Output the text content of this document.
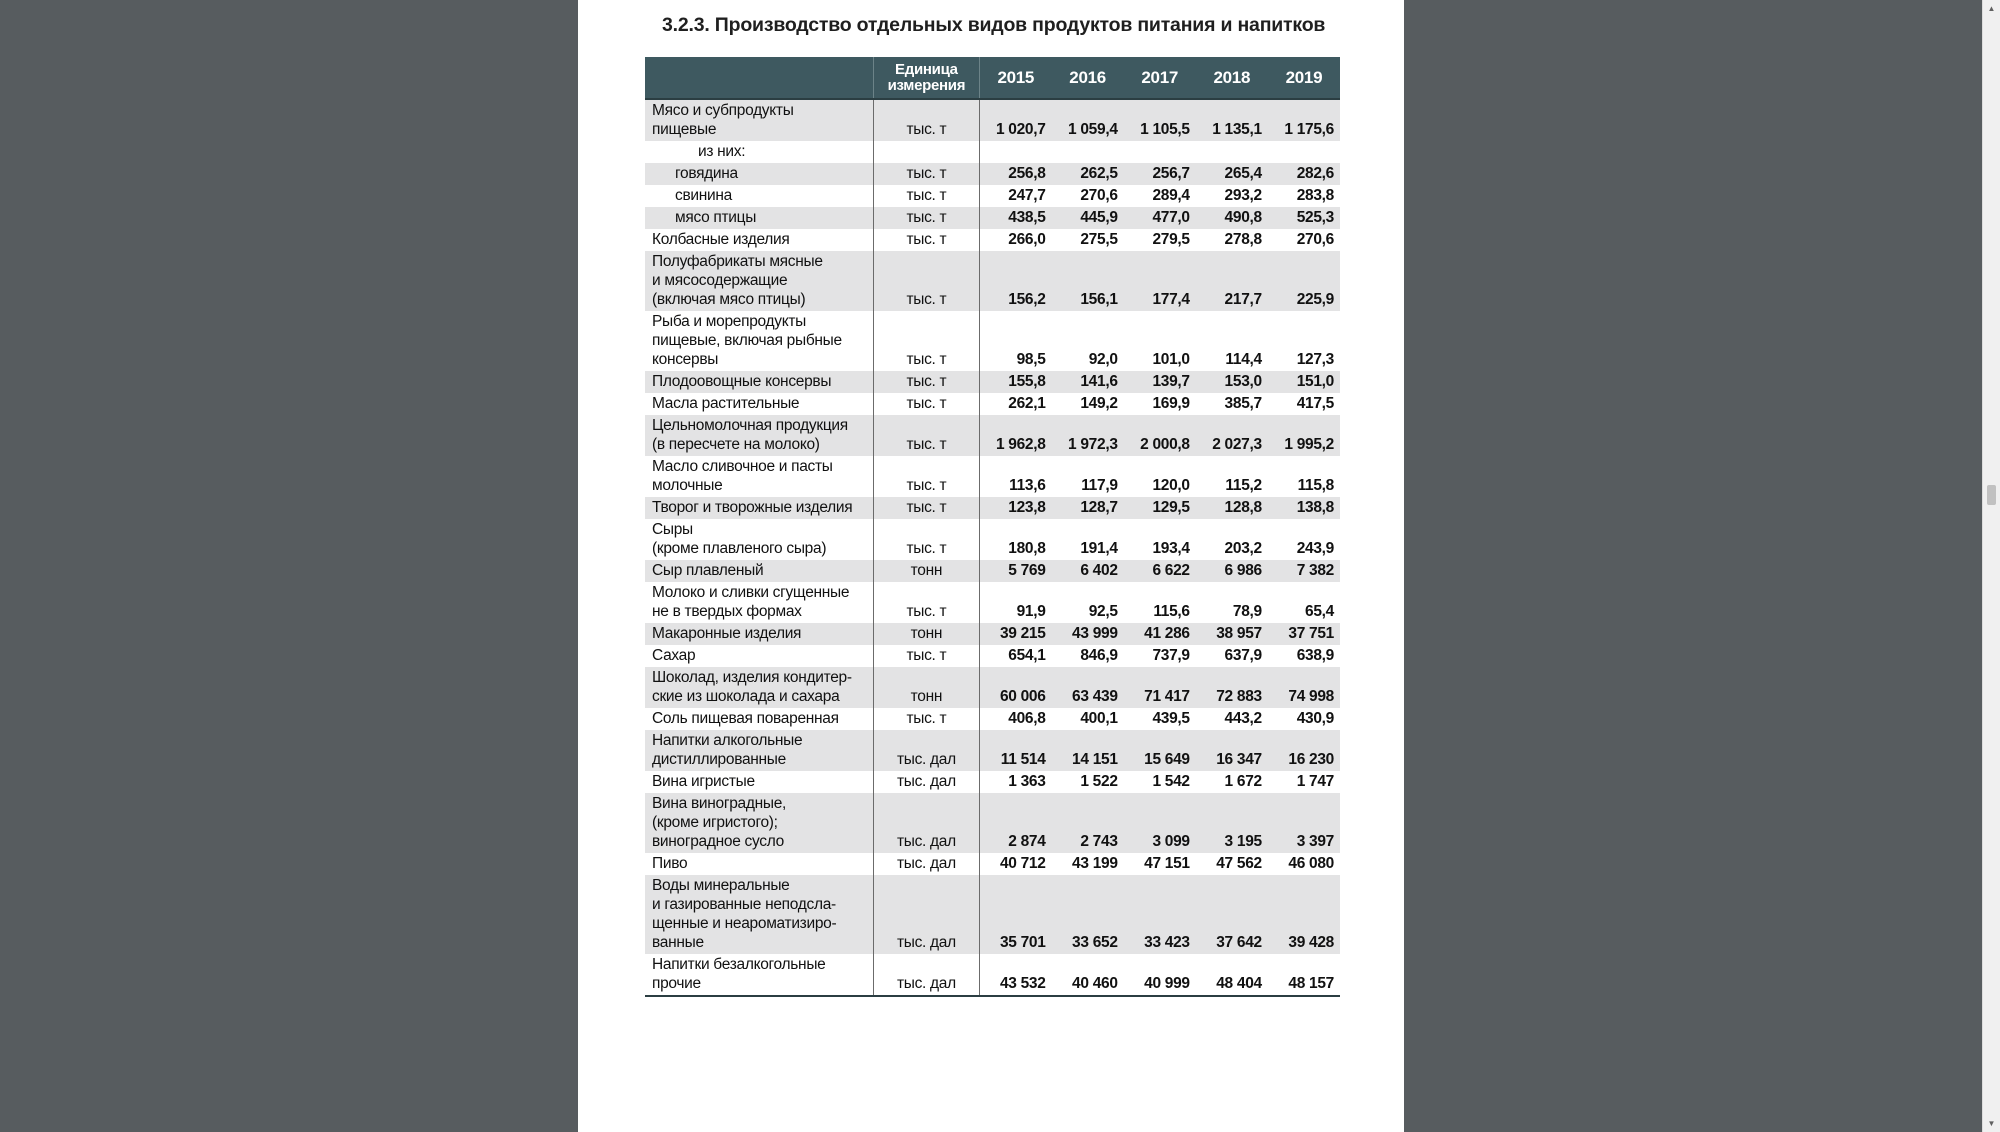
3.2.3. Производство отдельных видов продуктов питания и напитков
	Единица
измерения	2015	2016	2017	2018	2019
Мясо и субпродукты
пищевые	тыс. т	1 020,7	1 059,4	1 105,5	1 135,1	1 175,6
из них:						
говядина	тыс. т	256,8	262,5	256,7	265,4	282,6
свинина	тыс. т	247,7	270,6	289,4	293,2	283,8
мясо птицы	тыс. т	438,5	445,9	477,0	490,8	525,3
Колбасные изделия	тыс. т	266,0	275,5	279,5	278,8	270,6
Полуфабрикаты мясные
и мясосодержащие
(включая мясо птицы)	тыс. т	156,2	156,1	177,4	217,7	225,9
Рыба и морепродукты
пищевые, включая рыбные
консервы	тыс. т	98,5	92,0	101,0	114,4	127,3
Плодоовощные консервы	тыс. т	155,8	141,6	139,7	153,0	151,0
Масла растительные	тыс. т	262,1	149,2	169,9	385,7	417,5
Цельномолочная продукция
(в пересчете на молоко)	тыс. т	1 962,8	1 972,3	2 000,8	2 027,3	1 995,2
Масло сливочное и пасты
молочные	тыс. т	113,6	117,9	120,0	115,2	115,8
Творог и творожные изделия	тыс. т	123,8	128,7	129,5	128,8	138,8
Сыры
(кроме плавленого сыра)	тыс. т	180,8	191,4	193,4	203,2	243,9
Сыр плавленый	тонн	5 769	6 402	6 622	6 986	7 382
Молоко и сливки сгущенные
не в твердых формах	тыс. т	91,9	92,5	115,6	78,9	65,4
Макаронные изделия	тонн	39 215	43 999	41 286	38 957	37 751
Сахар	тыс. т	654,1	846,9	737,9	637,9	638,9
Шоколад, изделия кондитер-
ские из шоколада и сахара	тонн	60 006	63 439	71 417	72 883	74 998
Соль пищевая поваренная	тыс. т	406,8	400,1	439,5	443,2	430,9
Напитки алкогольные
дистиллированные	тыс. дал	11 514	14 151	15 649	16 347	16 230
Вина игристые	тыс. дал	1 363	1 522	1 542	1 672	1 747
Вина виноградные,
(кроме игристого);
виноградное сусло	тыс. дал	2 874	2 743	3 099	3 195	3 397
Пиво	тыс. дал	40 712	43 199	47 151	47 562	46 080
Воды минеральные
и газированные неподсла-
щенные и неароматизиро-
ванные	тыс. дал	35 701	33 652	33 423	37 642	39 428
Напитки безалкогольные
прочие	тыс. дал	43 532	40 460	40 999	48 404	48 157
▲
▼
